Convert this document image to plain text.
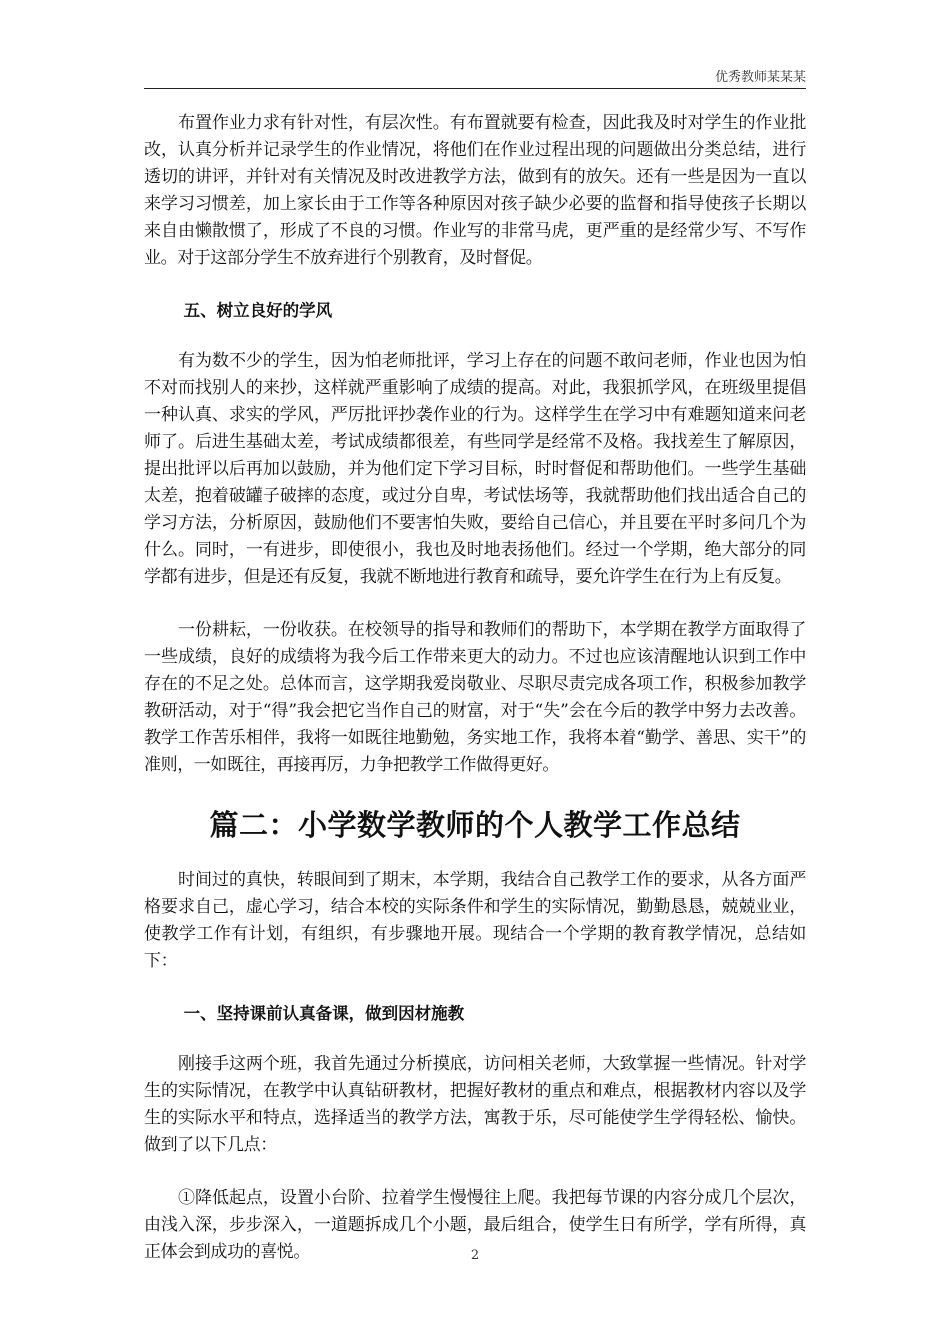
优秀教师某某某

布置作业力求有针对性，有层次性。有布置就要有检查，因此我及时对学生的作业批改，认真分析并记录学生的作业情况，将他们在作业过程出现的问题做出分类总结，进行透切的讲评，并针对有关情况及时改进教学方法，做到有的放矢。还有一些是因为一直以来学习习惯差，加上家长由于工作等各种原因对孩子缺少必要的监督和指导使孩子长期以来自由懒散惯了，形成了不良的习惯。作业写的非常马虎，更严重的是经常少写、不写作业。对于这部分学生不放弃进行个别教育，及时督促。

五、树立良好的学风

有为数不少的学生，因为怕老师批评，学习上存在的问题不敢问老师，作业也因为怕不对而找别人的来抄，这样就严重影响了成绩的提高。对此，我狠抓学风，在班级里提倡一种认真、求实的学风，严厉批评抄袭作业的行为。这样学生在学习中有难题知道来问老师了。后进生基础太差，考试成绩都很差，有些同学是经常不及格。我找差生了解原因，提出批评以后再加以鼓励，并为他们定下学习目标，时时督促和帮助他们。一些学生基础太差，抱着破罐子破摔的态度，或过分自卑，考试怯场等，我就帮助他们找出适合自己的学习方法，分析原因，鼓励他们不要害怕失败，要给自己信心，并且要在平时多问几个为什么。同时，一有进步，即使很小，我也及时地表扬他们。经过一个学期，绝大部分的同学都有进步，但是还有反复，我就不断地进行教育和疏导，要允许学生在行为上有反复。

一份耕耘，一份收获。在校领导的指导和教师们的帮助下，本学期在教学方面取得了一些成绩，良好的成绩将为我今后工作带来更大的动力。不过也应该清醒地认识到工作中存在的不足之处。总体而言，这学期我爱岗敬业、尽职尽责完成各项工作，积极参加教学教研活动，对于“得”我会把它当作自己的财富，对于“失”会在今后的教学中努力去改善。教学工作苦乐相伴，我将一如既往地勤勉，务实地工作，我将本着“勤学、善思、实干”的准则，一如既往，再接再厉，力争把教学工作做得更好。

篇二：小学数学教师的个人教学工作总结

时间过的真快，转眼间到了期末，本学期，我结合自己教学工作的要求，从各方面严格要求自己，虚心学习，结合本校的实际条件和学生的实际情况，勤勤恳恳，兢兢业业，使教学工作有计划，有组织，有步骤地开展。现结合一个学期的教育教学情况，总结如下：

一、坚持课前认真备课，做到因材施教

刚接手这两个班，我首先通过分析摸底，访问相关老师，大致掌握一些情况。针对学生的实际情况，在教学中认真钻研教材，把握好教材的重点和难点，根据教材内容以及学生的实际水平和特点，选择适当的教学方法，寓教于乐，尽可能使学生学得轻松、愉快。做到了以下几点：

①降低起点，设置小台阶、拉着学生慢慢往上爬。我把每节课的内容分成几个层次，由浅入深，步步深入，一道题拆成几个小题，最后组合，使学生日有所学，学有所得，真正体会到成功的喜悦。	2
